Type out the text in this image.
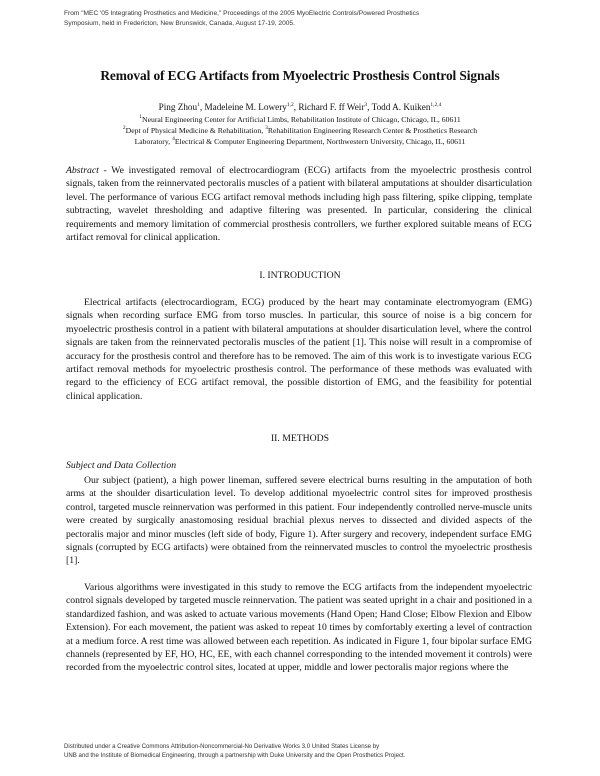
From "MEC '05 Integrating Prosthetics and Medicine," Proceedings of the 2005 MyoElectric Controls/Powered Prosthetics
Symposium, held in Fredericton, New Brunswick, Canada, August 17-19, 2005.
Removal of ECG Artifacts from Myoelectric Prosthesis Control Signals
Ping Zhou$^1$, Madeleine M. Lowery$^{1,2}$, Richard F. ff Weir$^3$, Todd A. Kuiken$^{1,2,4}$
$^1$Neural Engineering Center for Artificial Limbs, Rehabilitation Institute of Chicago, Chicago, IL, 60611
$^2$Dept of Physical Medicine & Rehabilitation, $^3$Rehabilitation Engineering Research Center & Prosthetics Research
Laboratory, $^4$Electrical & Computer Engineering Department, Northwestern University, Chicago, IL, 60611
Abstract - We investigated removal of electrocardiogram (ECG) artifacts from the myoelectric prosthesis control signals, taken from the reinnervated pectoralis muscles of a patient with bilateral amputations at shoulder disarticulation level. The performance of various ECG artifact removal methods including high pass filtering, spike clipping, template subtracting, wavelet thresholding and adaptive filtering was presented. In particular, considering the clinical requirements and memory limitation of commercial prosthesis controllers, we further explored suitable means of ECG artifact removal for clinical application.
I. INTRODUCTION
Electrical artifacts (electrocardiogram, ECG) produced by the heart may contaminate electromyogram (EMG) signals when recording surface EMG from torso muscles. In particular, this source of noise is a big concern for myoelectric prosthesis control in a patient with bilateral amputations at shoulder disarticulation level, where the control signals are taken from the reinnervated pectoralis muscles of the patient [1]. This noise will result in a compromise of accuracy for the prosthesis control and therefore has to be removed. The aim of this work is to investigate various ECG artifact removal methods for myoelectric prosthesis control. The performance of these methods was evaluated with regard to the efficiency of ECG artifact removal, the possible distortion of EMG, and the feasibility for potential clinical application.
II. METHODS
Subject and Data Collection
Our subject (patient), a high power lineman, suffered severe electrical burns resulting in the amputation of both arms at the shoulder disarticulation level. To develop additional myoelectric control sites for improved prosthesis control, targeted muscle reinnervation was performed in this patient. Four independently controlled nerve-muscle units were created by surgically anastomosing residual brachial plexus nerves to dissected and divided aspects of the pectoralis major and minor muscles (left side of body, Figure 1). After surgery and recovery, independent surface EMG signals (corrupted by ECG artifacts) were obtained from the reinnervated muscles to control the myoelectric prosthesis [1].
Various algorithms were investigated in this study to remove the ECG artifacts from the independent myoelectric control signals developed by targeted muscle reinnervation. The patient was seated upright in a chair and positioned in a standardized fashion, and was asked to actuate various movements (Hand Open; Hand Close; Elbow Flexion and Elbow Extension). For each movement, the patient was asked to repeat 10 times by comfortably exerting a level of contraction at a medium force. A rest time was allowed between each repetition. As indicated in Figure 1, four bipolar surface EMG channels (represented by EF, HO, HC, EE, with each channel corresponding to the intended movement it controls) were recorded from the myoelectric control sites, located at upper, middle and lower pectoralis major regions where the
Distributed under a Creative Commons Attribution-Noncommercial-No Derivative Works 3.0 United States License by
UNB and the Institute of Biomedical Engineering, through a partnership with Duke University and the Open Prosthetics Project.
